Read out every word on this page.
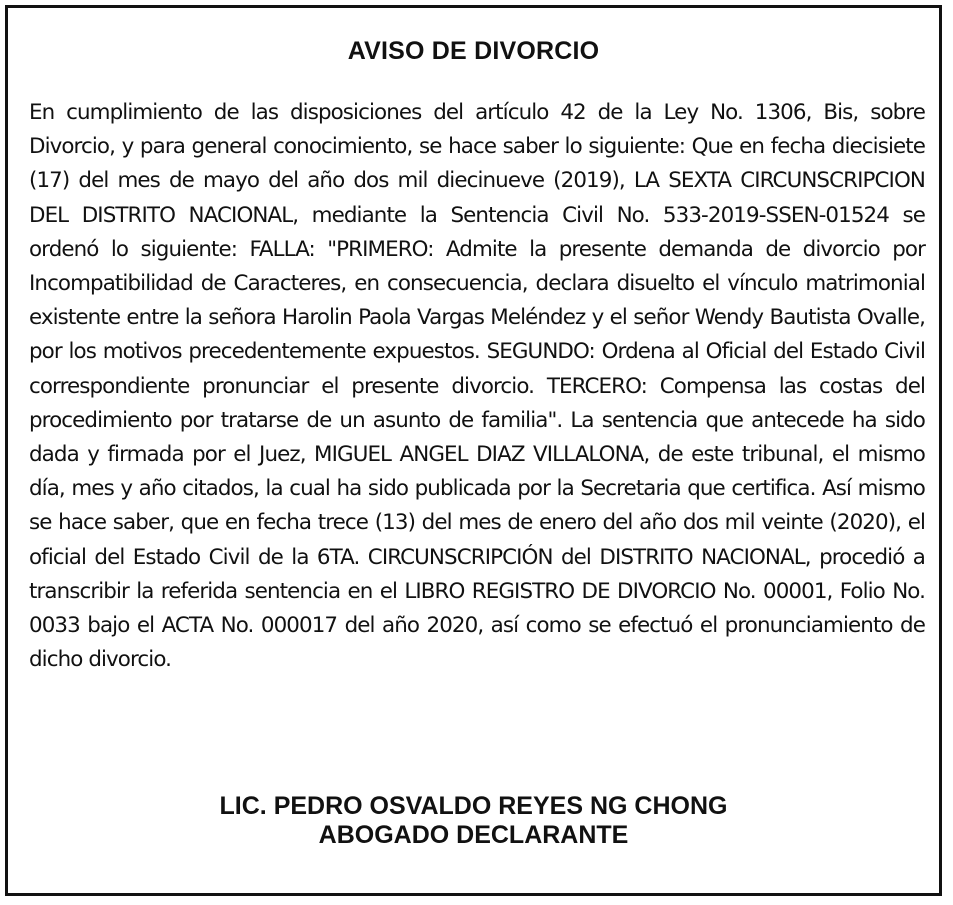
AVISO DE DIVORCIO

En cumplimiento de las disposiciones del artículo 42 de la Ley No. 1306, Bis, sobre Divorcio, y para general conocimiento, se hace saber lo siguiente: Que en fecha diecisiete (17) del mes de mayo del año dos mil diecinueve (2019), LA SEXTA CIRCUNSCRIPCION DEL DISTRITO NACIONAL, mediante la Sentencia Civil No. 533-2019-SSEN-01524 se ordenó lo siguiente: FALLA: "PRIMERO: Admite la presente demanda de divorcio por Incompatibilidad de Caracteres, en consecuencia, declara disuelto el vínculo matrimonial existente entre la señora Harolin Paola Vargas Meléndez y el señor Wendy Bautista Ovalle, por los motivos precedentemente expuestos. SEGUNDO: Ordena al Oficial del Estado Civil correspondiente pronunciar el presente divorcio. TERCERO: Compensa las costas del procedimiento por tratarse de un asunto de familia". La sentencia que antecede ha sido dada y firmada por el Juez, MIGUEL ANGEL DIAZ VILLALONA, de este tribunal, el mismo día, mes y año citados, la cual ha sido publicada por la Secretaria que certifica. Así mismo se hace saber, que en fecha trece (13) del mes de enero del año dos mil veinte (2020), el oficial del Estado Civil de la 6TA. CIRCUNSCRIPCIÓN del DISTRITO NACIONAL, procedió a transcribir la referida sentencia en el LIBRO REGISTRO DE DIVORCIO No. 00001, Folio No. 0033 bajo el ACTA No. 000017 del año 2020, así como se efectuó el pronunciamiento de dicho divorcio.

LIC. PEDRO OSVALDO REYES NG CHONG
ABOGADO DECLARANTE
